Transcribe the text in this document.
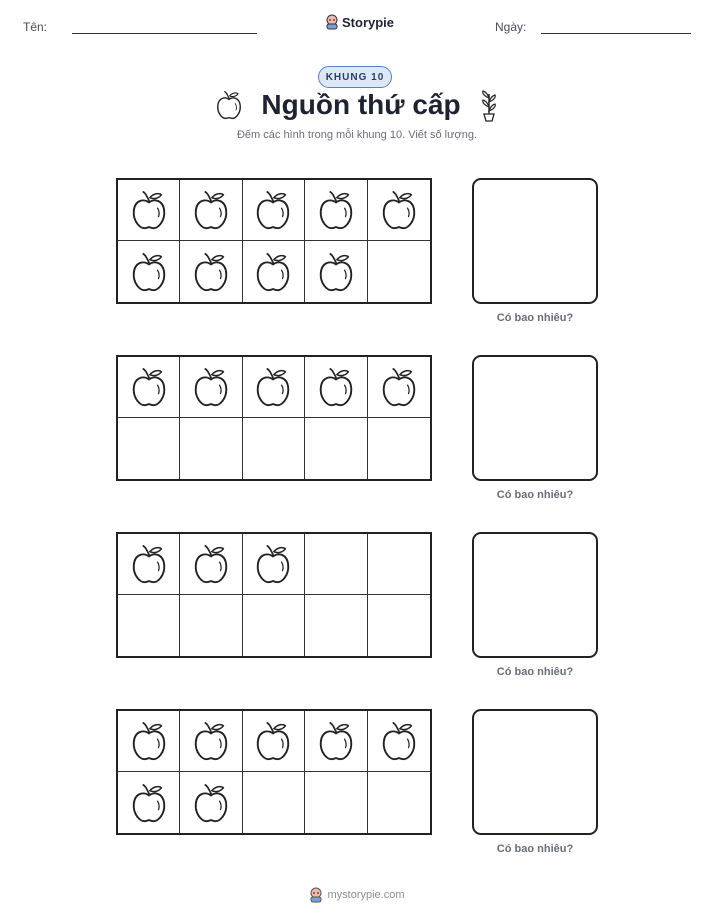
Tên:	Storypie	Ngày:
KHUNG 10
Nguồn thứ cấp
Đếm các hình trong mỗi khung 10. Viết số lượng.
Có bao nhiêu?
Có bao nhiêu?
Có bao nhiêu?
Có bao nhiêu?
mystorypie.com
